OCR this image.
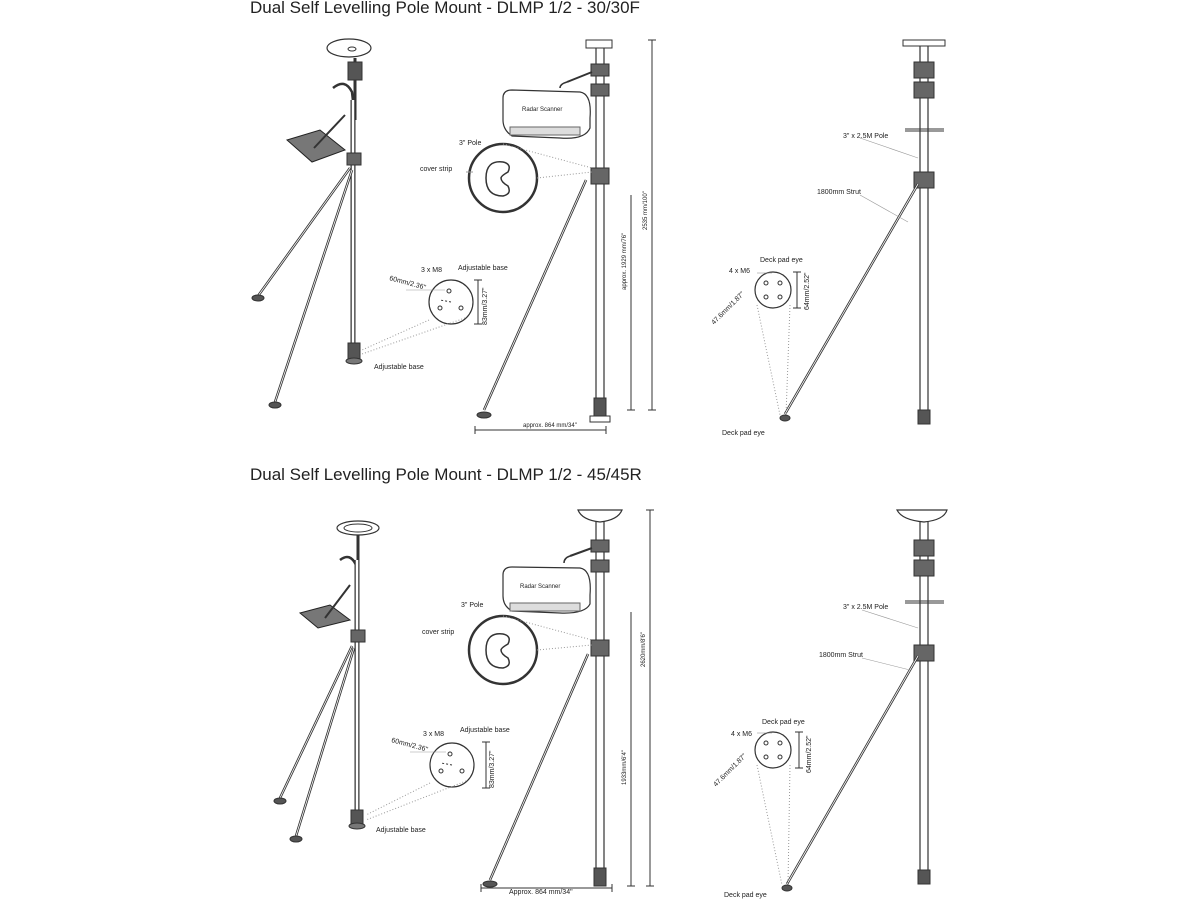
Dual Self Levelling Pole Mount - DLMP 1/2 - 30/30F
Dual Self Levelling Pole Mount - DLMP 1/2 - 45/45R
Radar Scanner
3" Pole
cover strip
3 x M8 Adjustable base
60mm/2.36"
83mm/3.27"
Adjustable base
2535 mm/100"
approx. 1929 mm/76"
approx. 864 mm/34"
3" x 2.5M Pole
1800mm Strut
4 x M6
Deck pad eye
47.6mm/1.87"	64mm/2.52"
Deck pad eye
Radar Scanner
3" Pole
cover strip
3 x M8
Adjustable base
60mm/2.36"
83mm/3.27"
Adjustable base
2620mm/8'6"
1933mm/6'4"
Approx. 864 mm/34"
3" x 2.5M Pole
1800mm Strut
4 x M6
Deck pad eye
47.6mm/1.87"	64mm/2.52"
Deck pad eye
